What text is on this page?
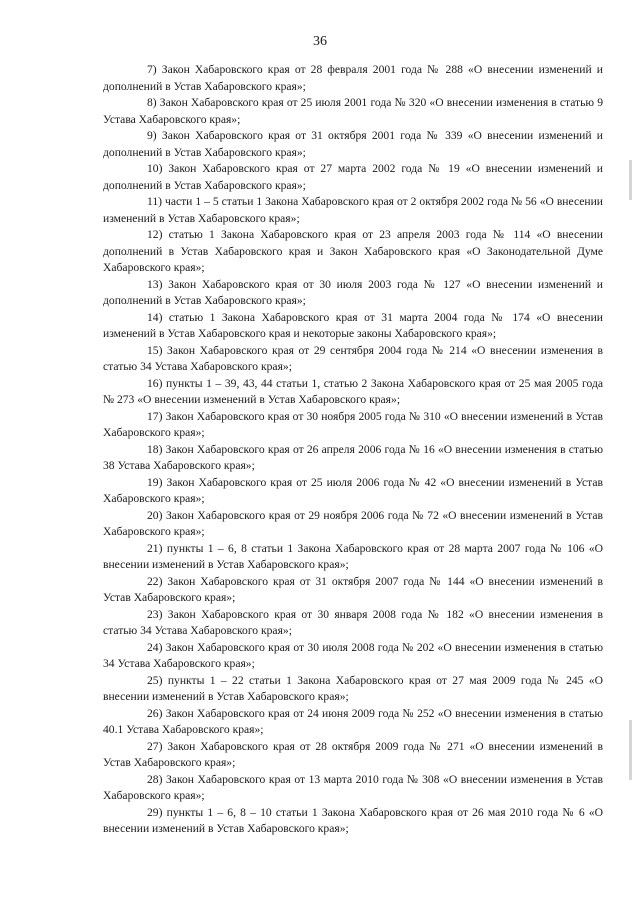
36

7) Закон Хабаровского края от 28 февраля 2001 года № 288 «О внесении изменений и дополнений в Устав Хабаровского края»;

8) Закон Хабаровского края от 25 июля 2001 года № 320 «О внесении изменения в статью 9 Устава Хабаровского края»;

9) Закон Хабаровского края от 31 октября 2001 года № 339 «О внесении изменений и дополнений в Устав Хабаровского края»;

10) Закон Хабаровского края от 27 марта 2002 года № 19 «О внесении изменений и дополнений в Устав Хабаровского края»;

11) части 1 – 5 статьи 1 Закона Хабаровского края от 2 октября 2002 года № 56 «О внесении изменений в Устав Хабаровского края»;

12) статью 1 Закона Хабаровского края от 23 апреля 2003 года № 114 «О внесении дополнений в Устав Хабаровского края и Закон Хабаровского края «О Законодательной Думе Хабаровского края»;

13) Закон Хабаровского края от 30 июля 2003 года № 127 «О внесении изменений и дополнений в Устав Хабаровского края»;

14) статью 1 Закона Хабаровского края от 31 марта 2004 года № 174 «О внесении изменений в Устав Хабаровского края и некоторые законы Хабаровского края»;

15) Закон Хабаровского края от 29 сентября 2004 года № 214 «О внесении изменения в статью 34 Устава Хабаровского края»;

16) пункты 1 – 39, 43, 44 статьи 1, статью 2 Закона Хабаровского края от 25 мая 2005 года № 273 «О внесении изменений в Устав Хабаровского края»;

17) Закон Хабаровского края от 30 ноября 2005 года № 310 «О внесении изменений в Устав Хабаровского края»;

18) Закон Хабаровского края от 26 апреля 2006 года № 16 «О внесении изменения в статью 38 Устава Хабаровского края»;

19) Закон Хабаровского края от 25 июля 2006 года № 42 «О внесении изменений в Устав Хабаровского края»;

20) Закон Хабаровского края от 29 ноября 2006 года № 72 «О внесении изменений в Устав Хабаровского края»;

21) пункты 1 – 6, 8 статьи 1 Закона Хабаровского края от 28 марта 2007 года № 106 «О внесении изменений в Устав Хабаровского края»;

22) Закон Хабаровского края от 31 октября 2007 года № 144 «О внесении изменений в Устав Хабаровского края»;

23) Закон Хабаровского края от 30 января 2008 года № 182 «О внесении изменения в статью 34 Устава Хабаровского края»;

24) Закон Хабаровского края от 30 июля 2008 года № 202 «О внесении изменения в статью 34 Устава Хабаровского края»;

25) пункты 1 – 22 статьи 1 Закона Хабаровского края от 27 мая 2009 года № 245 «О внесении изменений в Устав Хабаровского края»;

26) Закон Хабаровского края от 24 июня 2009 года № 252 «О внесении изменения в статью 40.1 Устава Хабаровского края»;

27) Закон Хабаровского края от 28 октября 2009 года № 271 «О внесении изменений в Устав Хабаровского края»;

28) Закон Хабаровского края от 13 марта 2010 года № 308 «О внесении изменения в Устав Хабаровского края»;

29) пункты 1 – 6, 8 – 10 статьи 1 Закона Хабаровского края от 26 мая 2010 года № 6 «О внесении изменений в Устав Хабаровского края»;
